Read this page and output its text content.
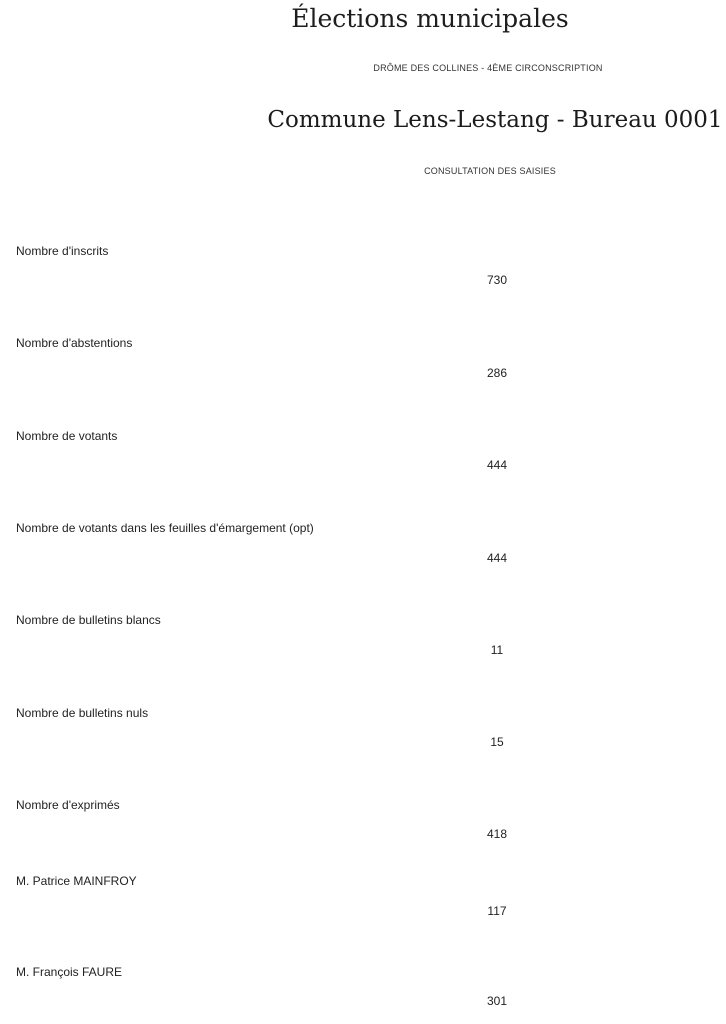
Élections municipales
DRÔME DES COLLINES - 4ÈME CIRCONSCRIPTION
Commune Lens-Lestang - Bureau 0001
CONSULTATION DES SAISIES
Nombre d'inscrits
730
Nombre d'abstentions
286
Nombre de votants
444
Nombre de votants dans les feuilles d'émargement (opt)
444
Nombre de bulletins blancs
11
Nombre de bulletins nuls
15
Nombre d'exprimés
418
M. Patrice MAINFROY
117
M. François FAURE
301
